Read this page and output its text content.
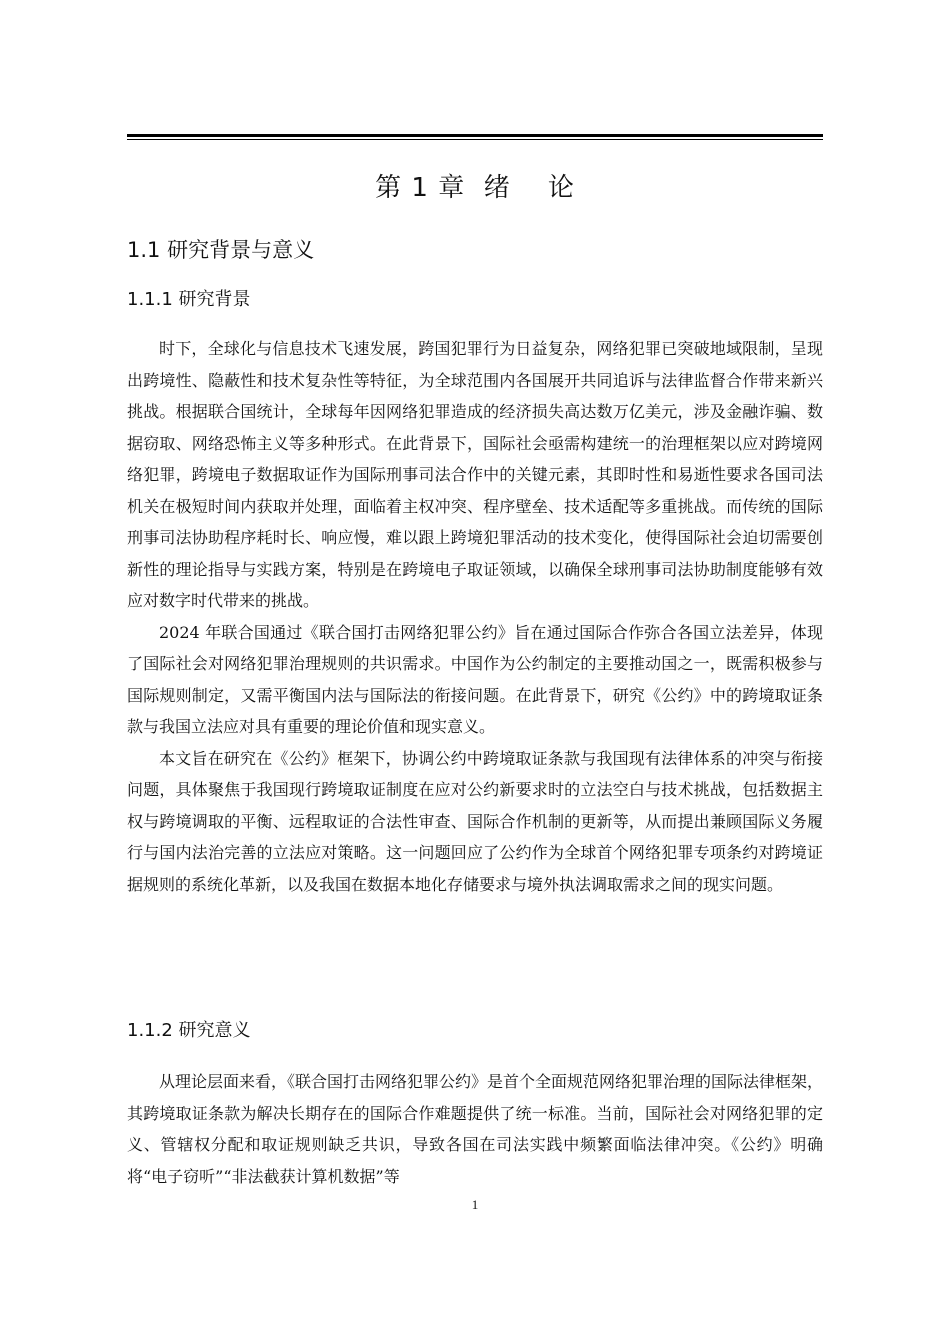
第 1 章  绪    论
1.1 研究背景与意义
1.1.1 研究背景

时下，全球化与信息技术飞速发展，跨国犯罪行为日益复杂，网络犯罪已突破地域限制，呈现出跨境性、隐蔽性和技术复杂性等特征，为全球范围内各国展开共同追诉与法律监督合作带来新兴挑战。根据联合国统计，全球每年因网络犯罪造成的经济损失高达数万亿美元，涉及金融诈骗、数据窃取、网络恐怖主义等多种形式。在此背景下，国际社会亟需构建统一的治理框架以应对跨境网络犯罪，跨境电子数据取证作为国际刑事司法合作中的关键元素，其即时性和易逝性要求各国司法机关在极短时间内获取并处理，面临着主权冲突、程序壁垒、技术适配等多重挑战。而传统的国际刑事司法协助程序耗时长、响应慢，难以跟上跨境犯罪活动的技术变化，使得国际社会迫切需要创新性的理论指导与实践方案，特别是在跨境电子取证领域，以确保全球刑事司法协助制度能够有效应对数字时代带来的挑战。

2024 年联合国通过《联合国打击网络犯罪公约》旨在通过国际合作弥合各国立法差异，体现了国际社会对网络犯罪治理规则的共识需求。中国作为公约制定的主要推动国之一，既需积极参与国际规则制定，又需平衡国内法与国际法的衔接问题。在此背景下，研究《公约》中的跨境取证条款与我国立法应对具有重要的理论价值和现实意义。

本文旨在研究在《公约》框架下，协调公约中跨境取证条款与我国现有法律体系的冲突与衔接问题，具体聚焦于我国现行跨境取证制度在应对公约新要求时的立法空白与技术挑战，包括数据主权与跨境调取的平衡、远程取证的合法性审查、国际合作机制的更新等，从而提出兼顾国际义务履行与国内法治完善的立法应对策略。这一问题回应了公约作为全球首个网络犯罪专项条约对跨境证据规则的系统化革新，以及我国在数据本地化存储要求与境外执法调取需求之间的现实问题。

1.1.2 研究意义

从理论层面来看，《联合国打击网络犯罪公约》是首个全面规范网络犯罪治理的国际法律框架，其跨境取证条款为解决长期存在的国际合作难题提供了统一标准。当前，国际社会对网络犯罪的定义、管辖权分配和取证规则缺乏共识，导致各国在司法实践中频繁面临法律冲突。《公约》明确将“电子窃听”“非法截获计算机数据”等

1
